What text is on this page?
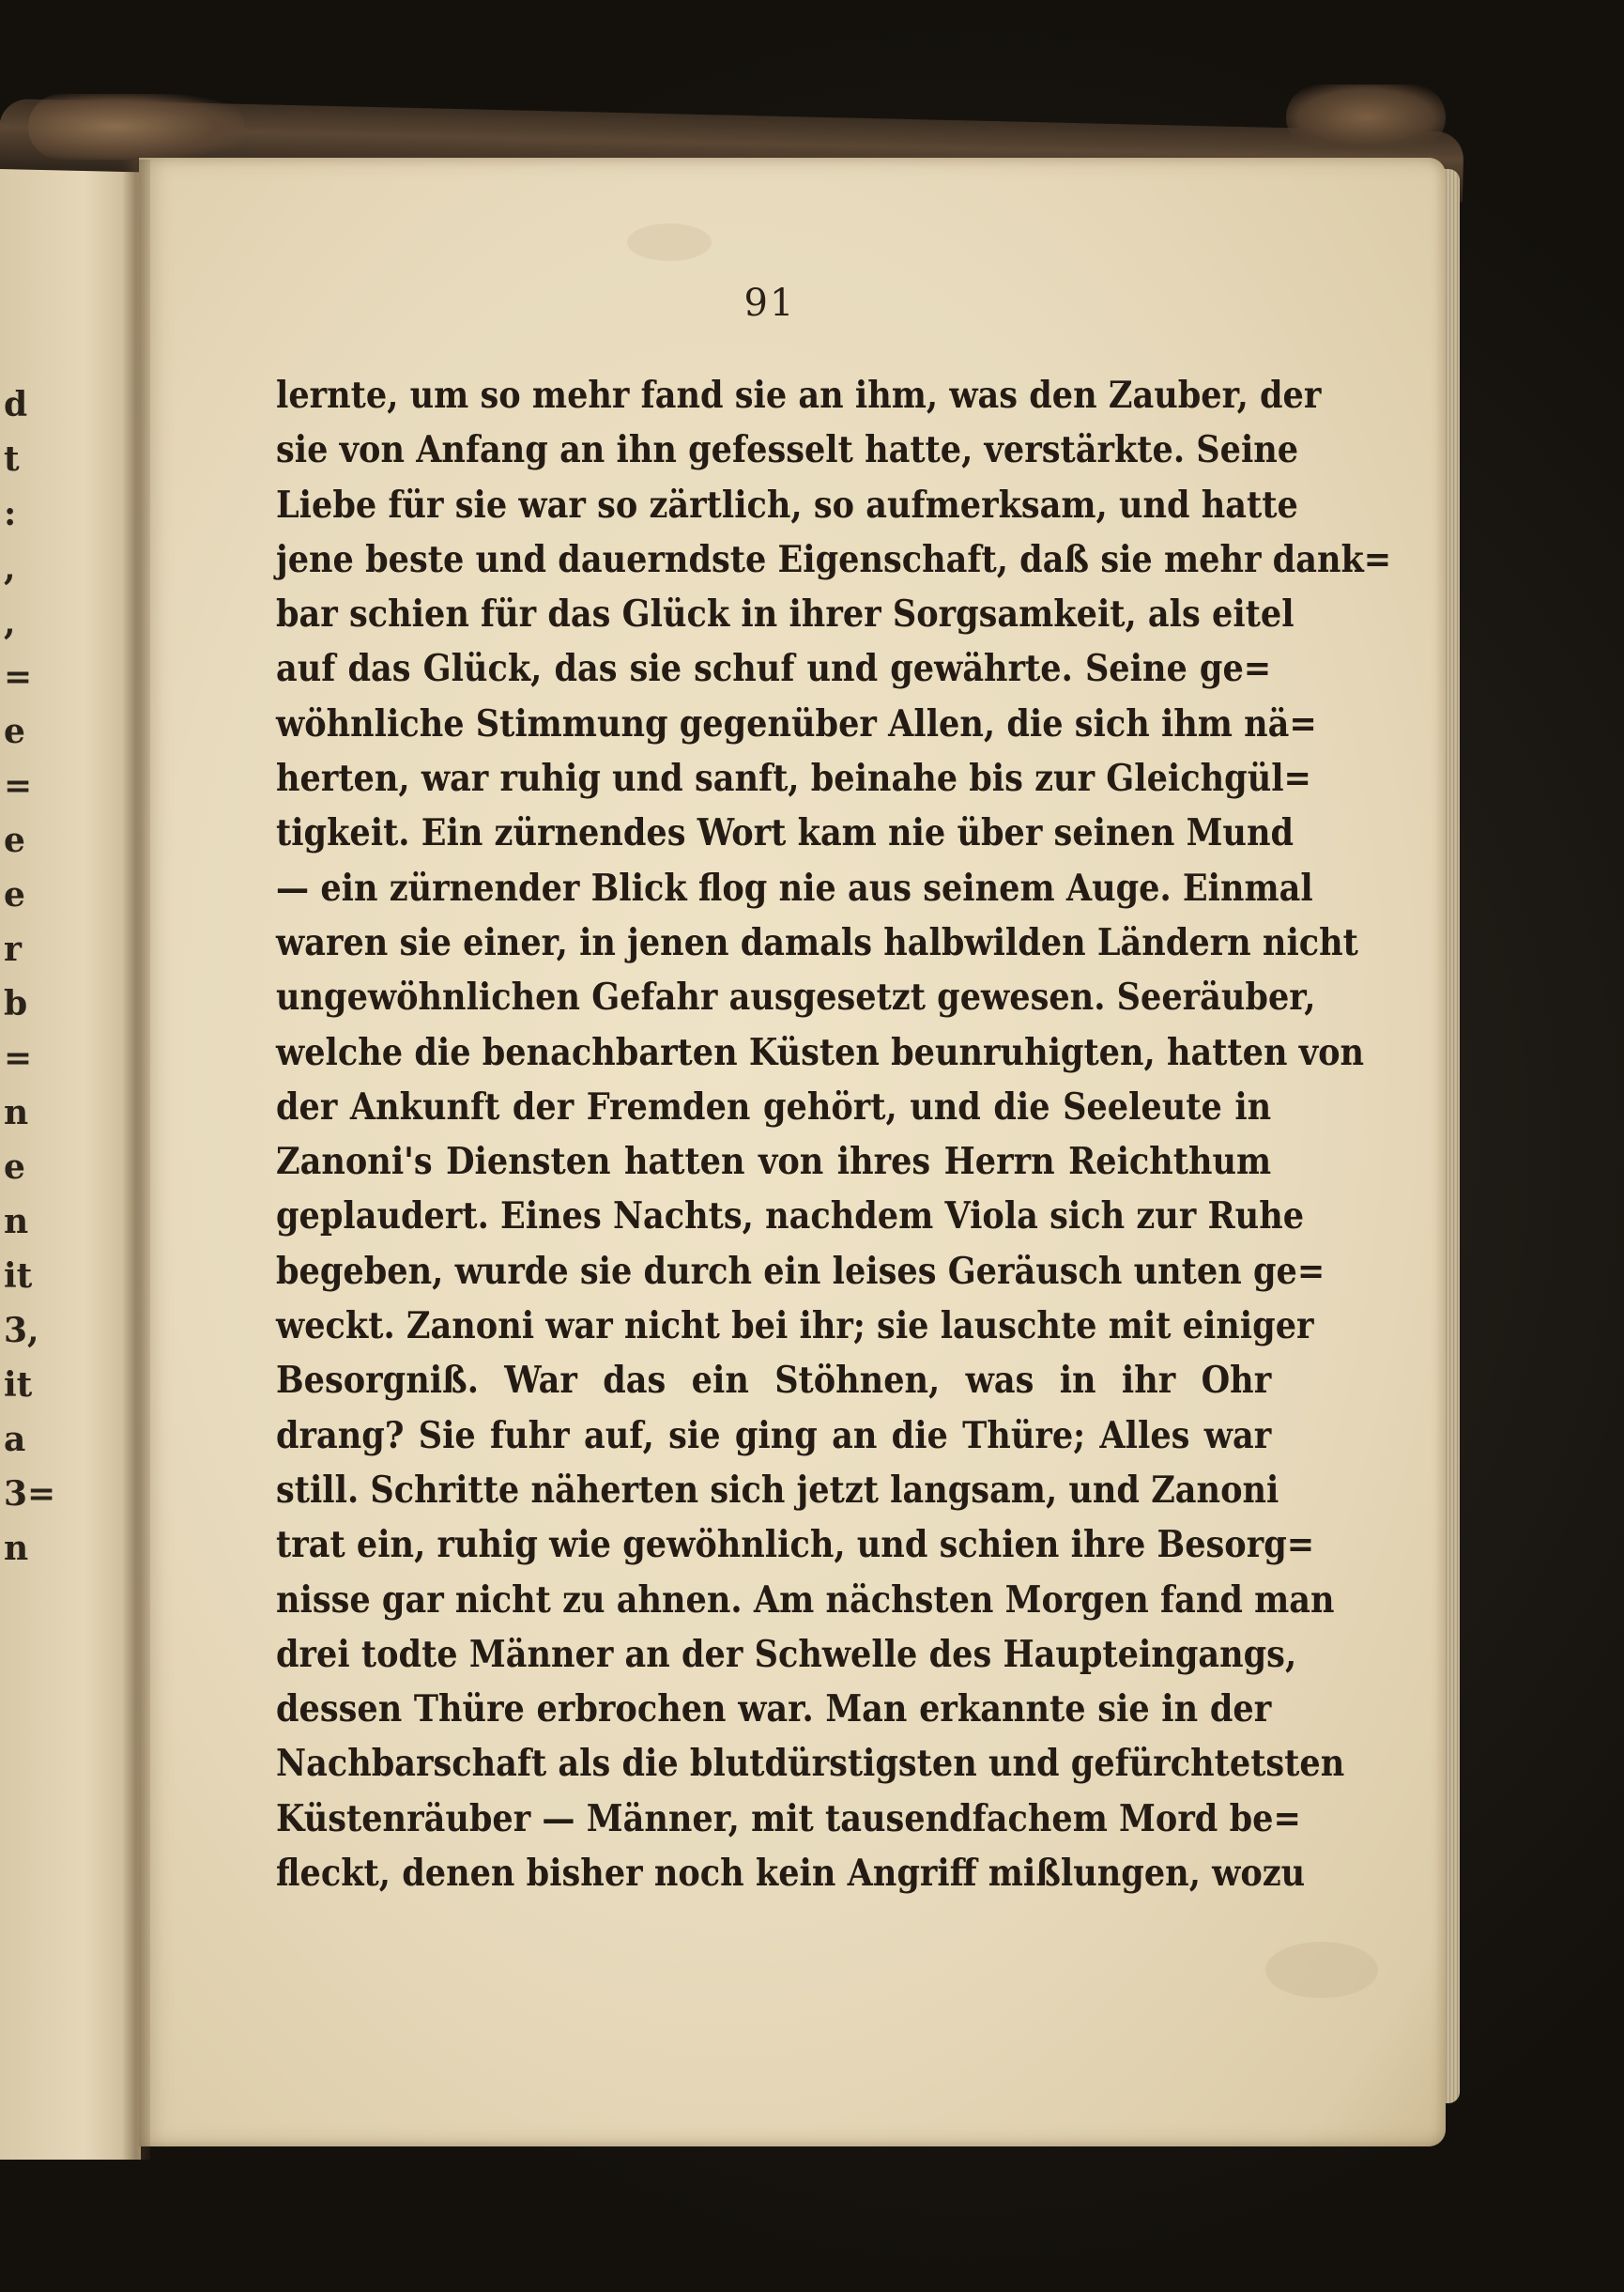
d
t
:
,
,
=
e
=
e
e
r
b
=
n
e
n
it
3,
it
a
3=
n
91
lernte, um so mehr fand sie an ihm, was den Zauber, der
sie von Anfang an ihn gefesselt hatte, verstärkte. Seine
Liebe für sie war so zärtlich, so aufmerksam, und hatte
jene beste und dauerndste Eigenschaft, daß sie mehr dank=
bar schien für das Glück in ihrer Sorgsamkeit, als eitel
auf das Glück, das sie schuf und gewährte. Seine ge=
wöhnliche Stimmung gegenüber Allen, die sich ihm nä=
herten, war ruhig und sanft, beinahe bis zur Gleichgül=
tigkeit. Ein zürnendes Wort kam nie über seinen Mund
— ein zürnender Blick flog nie aus seinem Auge. Einmal
waren sie einer, in jenen damals halbwilden Ländern nicht
ungewöhnlichen Gefahr ausgesetzt gewesen. Seeräuber,
welche die benachbarten Küsten beunruhigten, hatten von
der Ankunft der Fremden gehört, und die Seeleute in
Zanoni's Diensten hatten von ihres Herrn Reichthum
geplaudert. Eines Nachts, nachdem Viola sich zur Ruhe
begeben, wurde sie durch ein leises Geräusch unten ge=
weckt. Zanoni war nicht bei ihr; sie lauschte mit einiger
Besorgniß. War das ein Stöhnen, was in ihr Ohr
drang? Sie fuhr auf, sie ging an die Thüre; Alles war
still. Schritte näherten sich jetzt langsam, und Zanoni
trat ein, ruhig wie gewöhnlich, und schien ihre Besorg=
nisse gar nicht zu ahnen. Am nächsten Morgen fand man
drei todte Männer an der Schwelle des Haupteingangs,
dessen Thüre erbrochen war. Man erkannte sie in der
Nachbarschaft als die blutdürstigsten und gefürchtetsten
Küstenräuber — Männer, mit tausendfachem Mord be=
fleckt, denen bisher noch kein Angriff mißlungen, wozu
